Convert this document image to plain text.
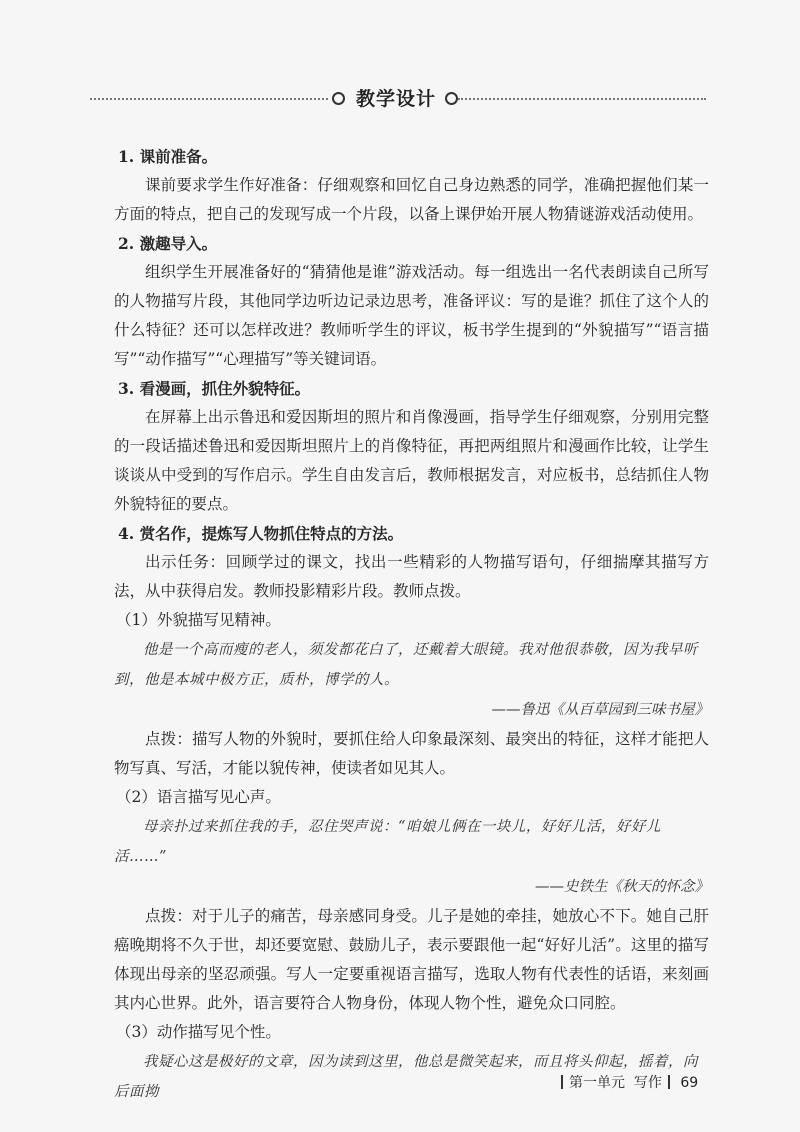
教学设计
1. 课前准备。

课前要求学生作好准备：仔细观察和回忆自己身边熟悉的同学，准确把握他们某一方面的特点，把自己的发现写成一个片段，以备上课伊始开展人物猜谜游戏活动使用。

2. 激趣导入。

组织学生开展准备好的“猜猜他是谁”游戏活动。每一组选出一名代表朗读自己所写的人物描写片段，其他同学边听边记录边思考，准备评议：写的是谁？抓住了这个人的什么特征？还可以怎样改进？教师听学生的评议，板书学生提到的“外貌描写”“语言描写”“动作描写”“心理描写”等关键词语。

3. 看漫画，抓住外貌特征。

在屏幕上出示鲁迅和爱因斯坦的照片和肖像漫画，指导学生仔细观察，分别用完整的一段话描述鲁迅和爱因斯坦照片上的肖像特征，再把两组照片和漫画作比较，让学生谈谈从中受到的写作启示。学生自由发言后，教师根据发言，对应板书，总结抓住人物外貌特征的要点。

4. 赏名作，提炼写人物抓住特点的方法。

出示任务：回顾学过的课文，找出一些精彩的人物描写语句，仔细揣摩其描写方法，从中获得启发。教师投影精彩片段。教师点拨。

（1）外貌描写见精神。

他是一个高而瘦的老人，须发都花白了，还戴着大眼镜。我对他很恭敬，因为我早听到，他是本城中极方正，质朴，博学的人。

——鲁迅《从百草园到三味书屋》

点拨：描写人物的外貌时，要抓住给人印象最深刻、最突出的特征，这样才能把人物写真、写活，才能以貌传神，使读者如见其人。

（2）语言描写见心声。

母亲扑过来抓住我的手，忍住哭声说：“咱娘儿俩在一块儿，好好儿活，好好儿活……”

——史铁生《秋天的怀念》

点拨：对于儿子的痛苦，母亲感同身受。儿子是她的牵挂，她放心不下。她自己肝癌晚期将不久于世，却还要宽慰、鼓励儿子，表示要跟他一起“好好儿活”。这里的描写体现出母亲的坚忍顽强。写人一定要重视语言描写，选取人物有代表性的话语，来刻画其内心世界。此外，语言要符合人物身份，体现人物个性，避免众口同腔。

（3）动作描写见个性。

我疑心这是极好的文章，因为读到这里，他总是微笑起来，而且将头仰起，摇着，向后面拗

第一单元 写作 69
